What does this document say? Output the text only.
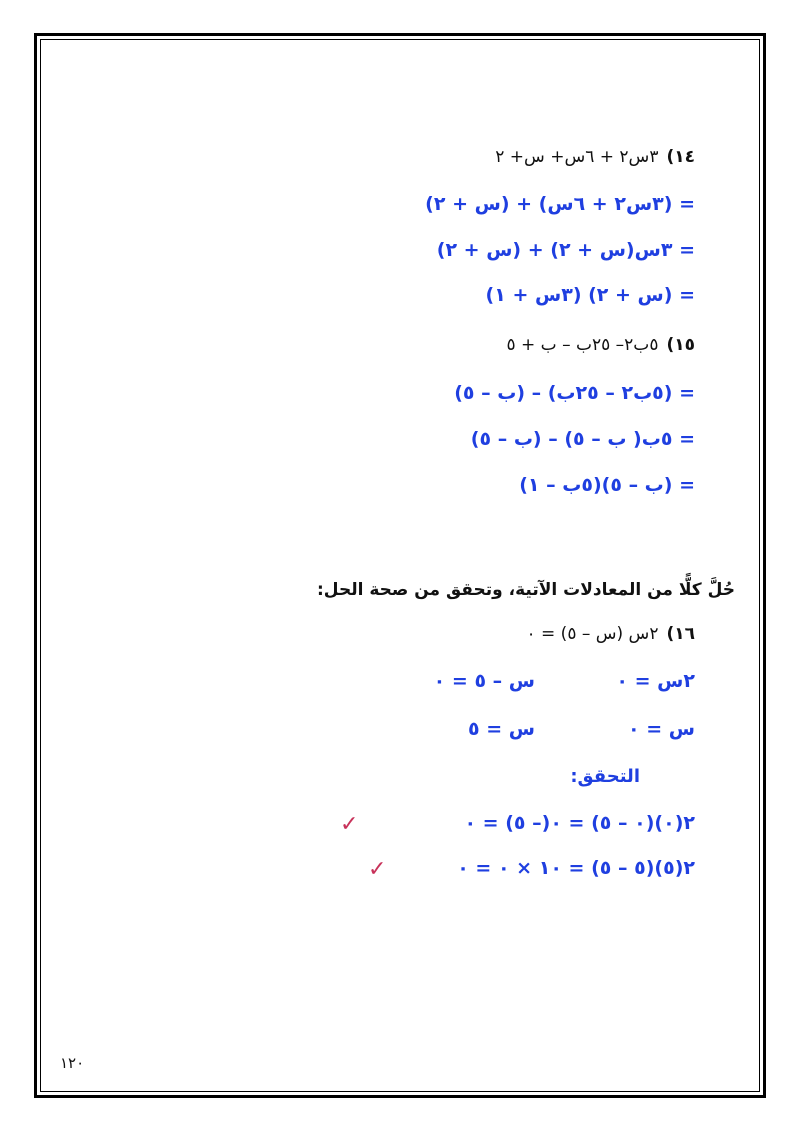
١٤)٣س٢ + ٦س+ س+ ٢
= (٣س٢ + ٦س) + (س + ٢)
= ٣س(س + ٢) + (س + ٢)
= (س + ٢) (٣س + ١)
١٥)٥ب٢– ٢٥ب – ب + ٥
= (٥ب٢ – ٢٥ب) – (ب – ٥)
= ٥ب( ب – ٥) – (ب – ٥)
= (ب – ٥)(٥ب – ١)
حُلَّ كلًّا من المعادلات الآتية، وتحقق من صحة الحل:
١٦)٢س (س – ٥) = ٠
٢س = ٠
س – ٥ = ٠
س = ٠
س = ٥
التحقق:
٢(٠)(٠ – ٥) = ٠(– ٥) = ٠
٢(٥)(٥ – ٥) = ١٠ × ٠ = ٠
✓
✓
١٢٠
